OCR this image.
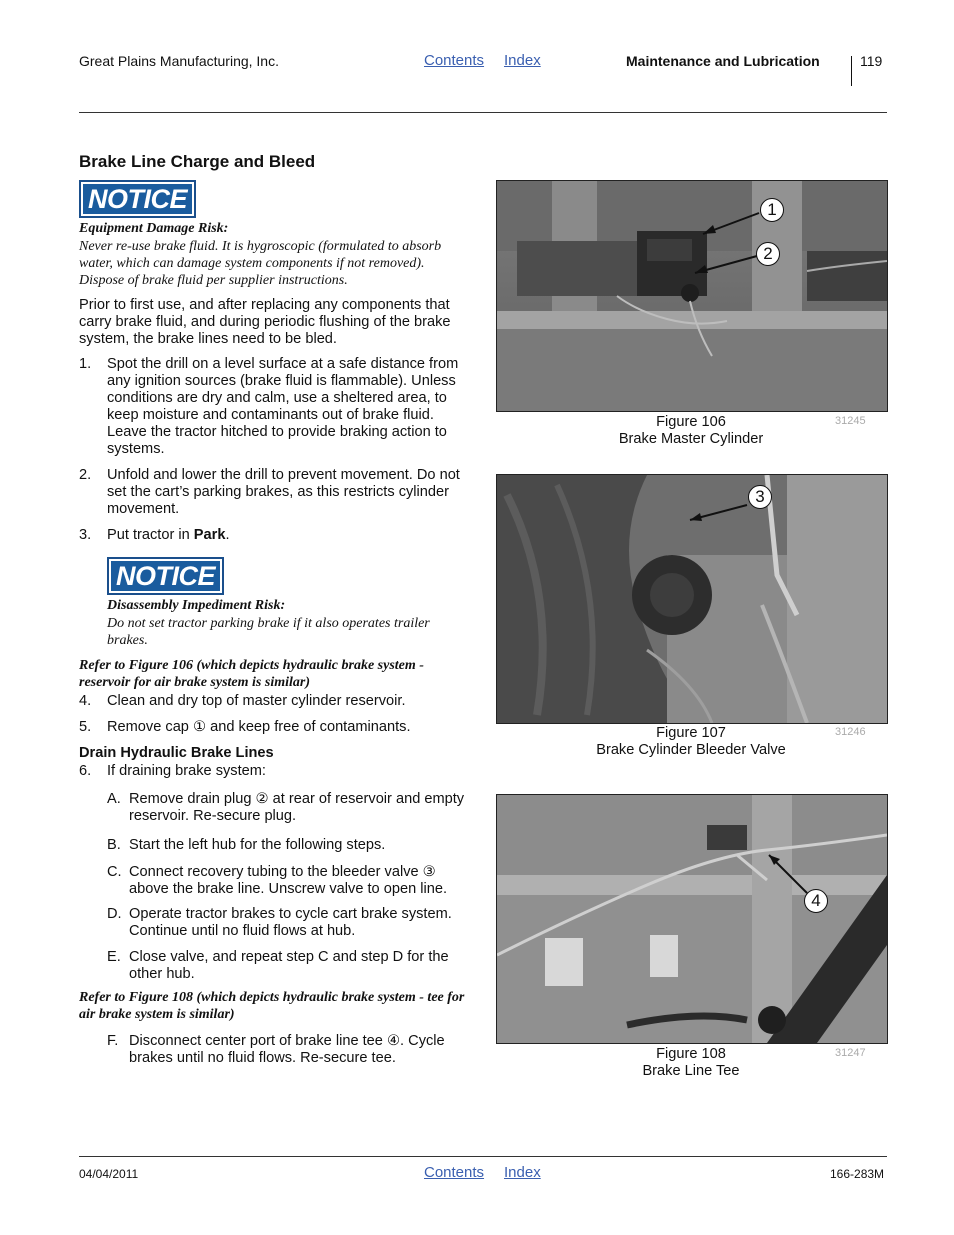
Great Plains Manufacturing, Inc.	Contents Index	Maintenance and Lubrication	119
Brake Line Charge and Bleed
NOTICE
Equipment Damage Risk:
Never re-use brake fluid. It is hygroscopic (formulated to absorb water, which can damage system components if not removed). Dispose of brake fluid per supplier instructions.
Prior to first use, and after replacing any components that carry brake fluid, and during periodic flushing of the brake system, the brake lines need to be bled.
1. Spot the drill on a level surface at a safe distance from any ignition sources (brake fluid is flammable). Unless conditions are dry and calm, use a sheltered area, to keep moisture and contaminants out of brake fluid. Leave the tractor hitched to provide braking action to systems.
2. Unfold and lower the drill to prevent movement. Do not set the cart’s parking brakes, as this restricts cylinder movement.
3. Put tractor in Park.
NOTICE
Disassembly Impediment Risk:
Do not set tractor parking brake if it also operates trailer brakes.
Refer to Figure 106 (which depicts hydraulic brake system - reservoir for air brake system is similar)
4. Clean and dry top of master cylinder reservoir.
5. Remove cap ① and keep free of contaminants.
Drain Hydraulic Brake Lines
6. If draining brake system:
A. Remove drain plug ② at rear of reservoir and empty reservoir. Re-secure plug.
B. Start the left hub for the following steps.
C. Connect recovery tubing to the bleeder valve ③ above the brake line. Unscrew valve to open line.
D. Operate tractor brakes to cycle cart brake system. Continue until no fluid flows at hub.
E. Close valve, and repeat step C and step D for the other hub.
Refer to Figure 108 (which depicts hydraulic brake system - tee for air brake system is similar)
F. Disconnect center port of brake line tee ④. Cycle brakes until no fluid flows. Re-secure tee.
1
2
Figure 106
Brake Master Cylinder
31245
3
Figure 107
Brake Cylinder Bleeder Valve
31246
4
Figure 108
Brake Line Tee
31247
04/04/2011	Contents Index	166-283M
